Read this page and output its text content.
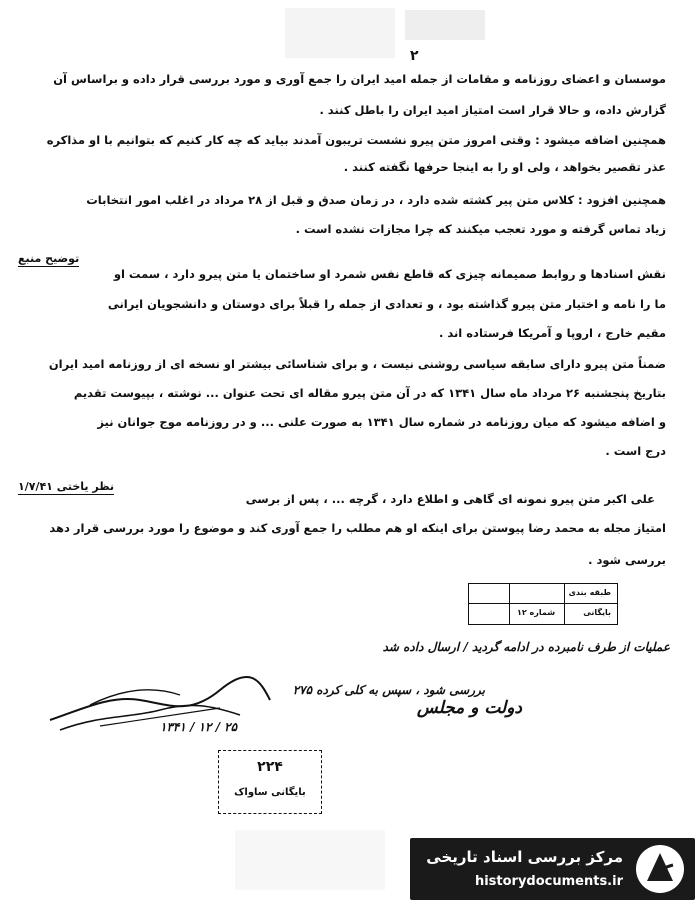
۲
موسسان و اعضای روزنامه و مقامات از جمله امید ایران را جمع آوری و مورد بررسی قرار داده و براساس آن
گزارش داده، و حالا قرار است امتیاز امید ایران را باطل کنند .
همچنین اضافه میشود : وقتی امروز متن پیرو نشست تریبون آمدند بیاید که چه کار کنیم که بتوانیم با او مذاکره
عذر تقصیر بخواهد ، ولی او را به اینجا حرفها نگفته کنند .
همچنین افزود : کلاس متن پیر کشته شده دارد ، در زمان صدق و قبل از ۲۸ مرداد در اغلب امور انتخابات
زیاد تماس گرفته و مورد تعجب میکنند که چرا مجازات نشده است .
توضیح منبع
نقش اسنادها و روابط صمیمانه چیزی که قاطع نفس شمرد او ساختمان یا متن پیرو دارد ، سمت او
ما را نامه و اختیار متن پیرو گذاشته بود ، و تعدادی از جمله را قبلاً برای دوستان و دانشجویان ایرانی
مقیم خارج ، اروپا و آمریکا فرستاده اند .
ضمناً متن پیرو دارای سابقه سیاسی روشنی نیست ، و برای شناسائی بیشتر او نسخه ای از روزنامه امید ایران
بتاریخ پنجشنبه ۲۶ مرداد ماه سال ۱۳۴۱ که در آن متن پیرو مقاله ای تحت عنوان ... نوشته ، بپیوست تقدیم
و اضافه میشود که میان روزنامه در شماره سال ۱۳۴۱ به صورت علنی ... و در روزنامه موج جوانان نیز
درج است .
نظر یاختی ۱/۷/۴۱
علی اکبر متن پیرو نمونه ای گاهی و اطلاع دارد ، گرچه ... ، پس از برسی
امتیاز مجله به محمد رضا پیوستن برای اینکه او هم مطلب را جمع آوری کند و موضوع را مورد بررسی قرار دهد
بررسی شود .
طبقه بندی
بایگانی
شماره ۱۲
عملیات از طرف نامبرده در ادامه گردید / ارسال داده شد
بررسی شود ، سپس به کلی کرده ۲۷۵
۲۵ / ۱۲ / ۱۳۴۱
دولت و مجلس
۲۲۴
بایگانی ساواک
مرکز بررسی اسناد تاریخی
historydocuments.ir
